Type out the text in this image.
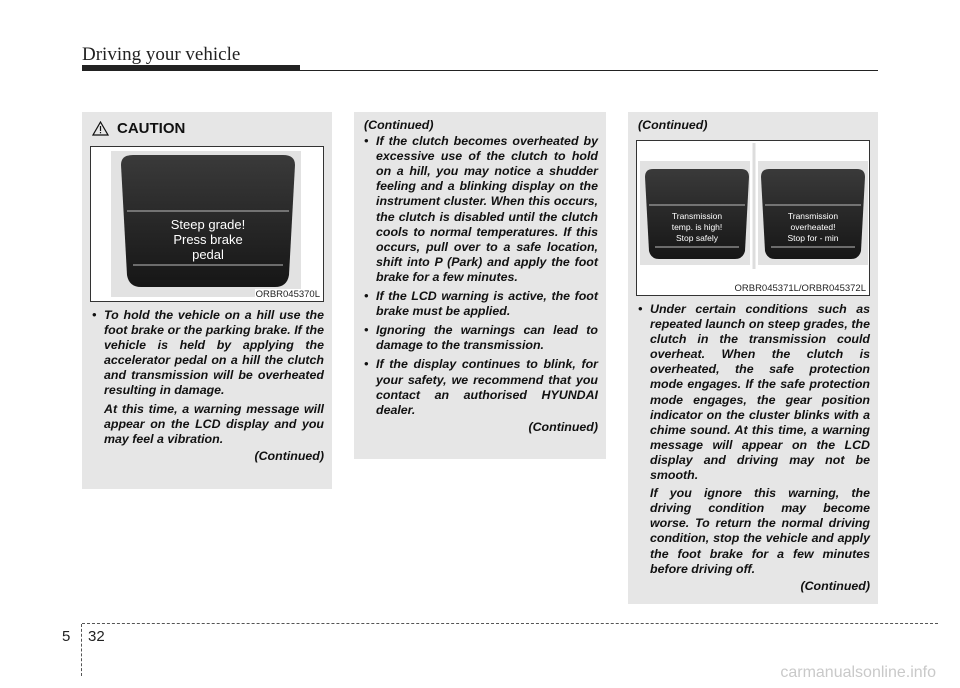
Driving your vehicle
CAUTION
Steep grade!
Press brake
pedal
ORBR045370L

• To hold the vehicle on a hill use the foot brake or the parking brake. If the vehicle is held by applying the accelerator pedal on a hill the clutch and transmission will be overheated resulting in damage.

At this time, a warning message will appear on the LCD display and you may feel a vibration.

(Continued)

(Continued)

• If the clutch becomes overheated by excessive use of the clutch to hold on a hill, you may notice a shudder feeling and a blinking display on the instrument cluster. When this occurs, the clutch is disabled until the clutch cools to normal temperatures. If this occurs, pull over to a safe location, shift into P (Park) and apply the foot brake for a few minutes.

• If the LCD warning is active, the foot brake must be applied.

• Ignoring the warnings can lead to damage to the transmission.

• If the display continues to blink, for your safety, we recommend that you contact an authorised HYUNDAI dealer.

(Continued)

(Continued)
Transmission
temp. is high!
Stop safely
Transmission
overheated!
Stop for - min
ORBR045371L/ORBR045372L

• Under certain conditions such as repeated launch on steep grades, the clutch in the transmission could overheat. When the clutch is overheated, the safe protection mode engages. If the safe protection mode engages, the gear position indicator on the cluster blinks with a chime sound. At this time, a warning message will appear on the LCD display and driving may not be smooth.

If you ignore this warning, the driving condition may become worse. To return the normal driving condition, stop the vehicle and apply the foot brake for a few minutes before driving off.

(Continued)

5 32
carmanualsonline.info
